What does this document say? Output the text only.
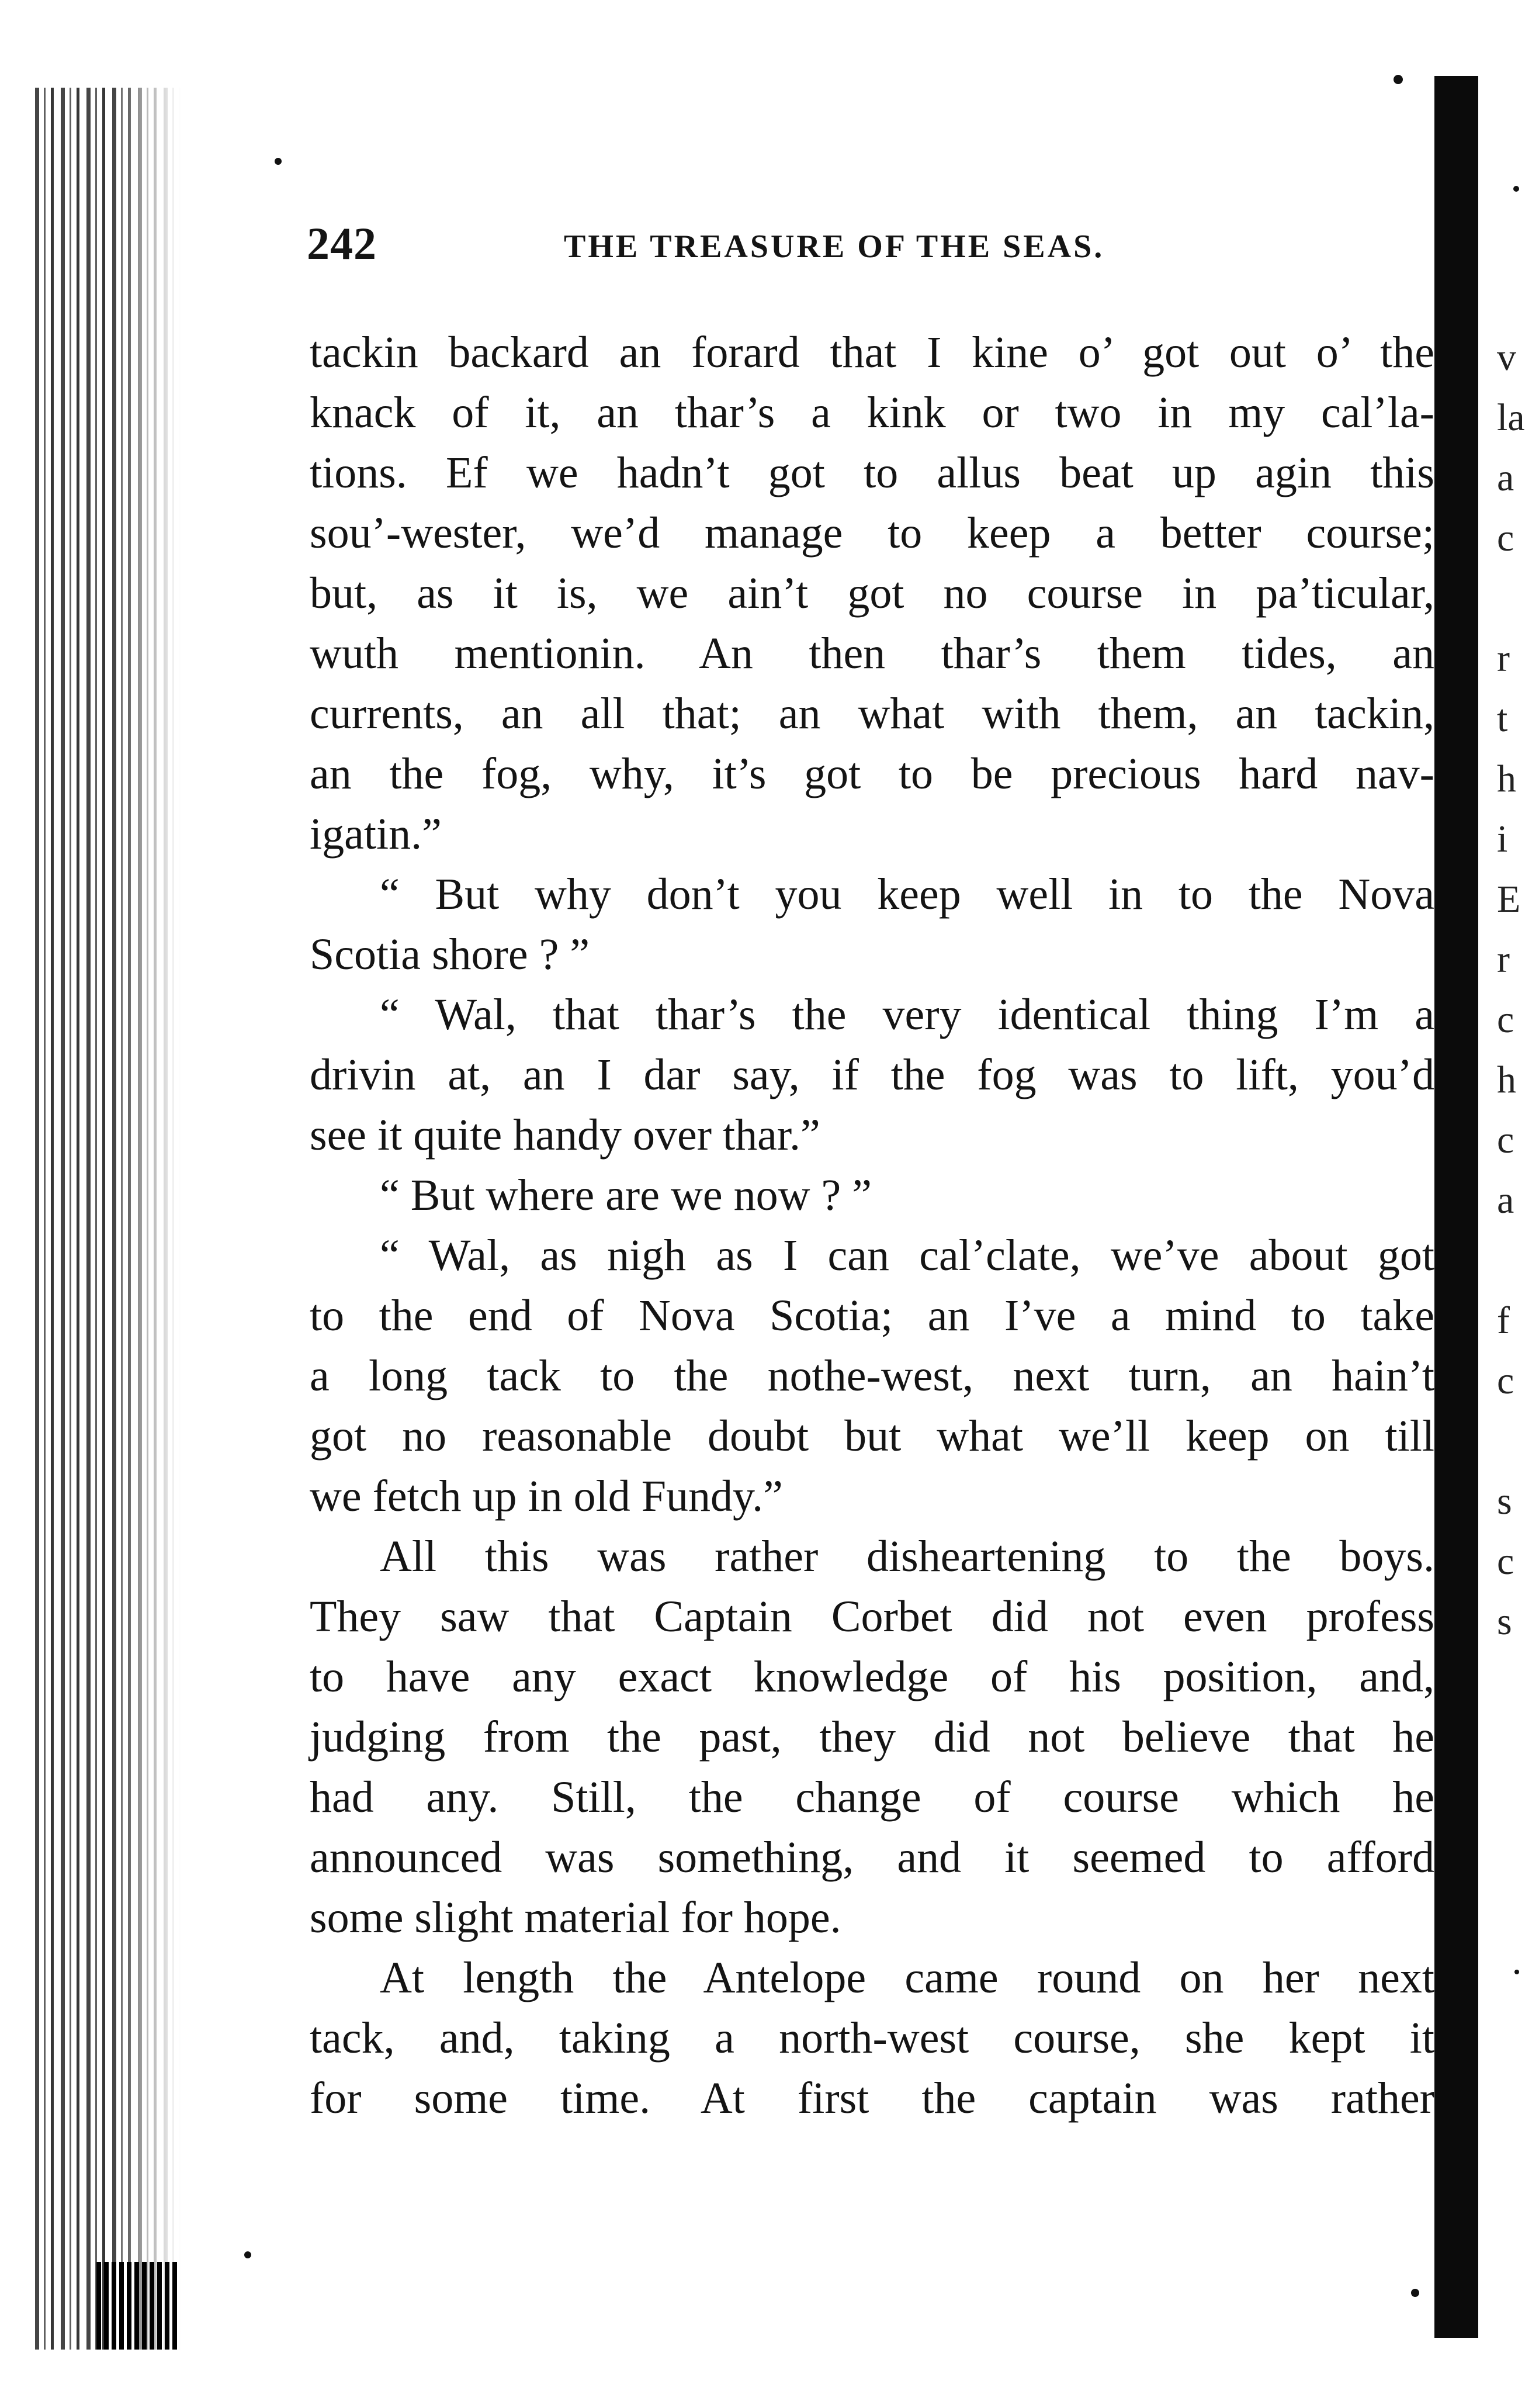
v
la
a
c
r
t
h
i
E
r
c
h
c
a
f
c
s
c
s
242	THE TREASURE OF THE SEAS.
tackin backard an forard that I kine o’ got out o’ the
knack of it, an thar’s a kink or two in my cal’la-
tions. Ef we hadn’t got to allus beat up agin this
sou’-wester, we’d manage to keep a better course;
but, as it is, we ain’t got no course in pa’ticular,
wuth mentionin. An then thar’s them tides, an
currents, an all that; an what with them, an tackin,
an the fog, why, it’s got to be precious hard nav-
igatin.”
“ But why don’t you keep well in to the Nova
Scotia shore ? ”
“ Wal, that thar’s the very identical thing I’m a
drivin at, an I dar say, if the fog was to lift, you’d
see it quite handy over thar.”
“ But where are we now ? ”
“ Wal, as nigh as I can cal’clate, we’ve about got
to the end of Nova Scotia; an I’ve a mind to take
a long tack to the nothe-west, next turn, an hain’t
got no reasonable doubt but what we’ll keep on till
we fetch up in old Fundy.”
All this was rather disheartening to the boys.
They saw that Captain Corbet did not even profess
to have any exact knowledge of his position, and,
judging from the past, they did not believe that he
had any. Still, the change of course which he
announced was something, and it seemed to afford
some slight material for hope.
At length the Antelope came round on her next
tack, and, taking a north-west course, she kept it
for some time. At first the captain was rather
